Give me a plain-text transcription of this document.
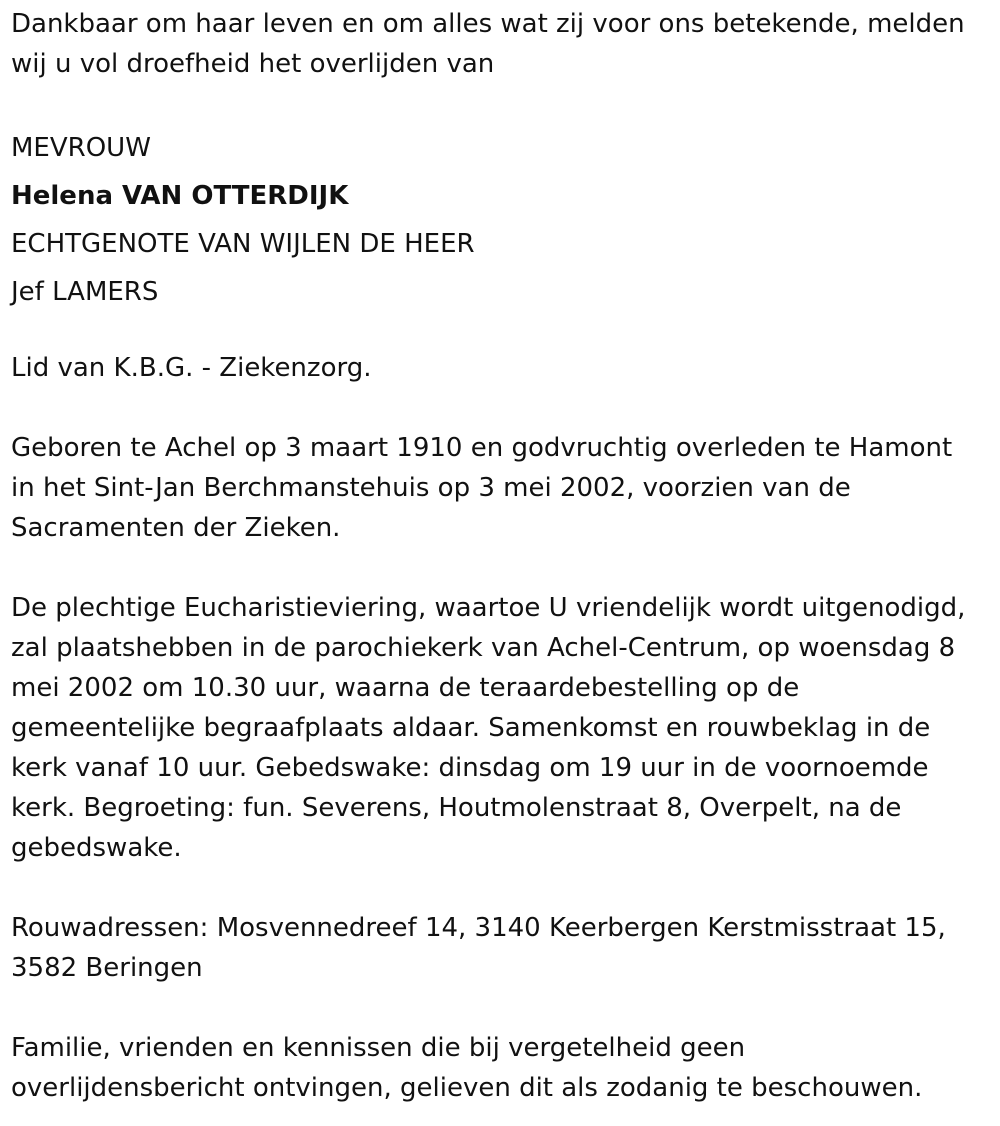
Dankbaar om haar leven en om alles wat zij voor ons betekende, melden
wij u vol droefheid het overlijden van
MEVROUW
Helena VAN OTTERDIJK
ECHTGENOTE VAN WIJLEN DE HEER
Jef LAMERS
Lid van K.B.G. - Ziekenzorg.
Geboren te Achel op 3 maart 1910 en godvruchtig overleden te Hamont
in het Sint-Jan Berchmanstehuis op 3 mei 2002, voorzien van de
Sacramenten der Zieken.
De plechtige Eucharistieviering, waartoe U vriendelijk wordt uitgenodigd,
zal plaatshebben in de parochiekerk van Achel-Centrum, op woensdag 8
mei 2002 om 10.30 uur, waarna de teraardebestelling op de
gemeentelijke begraafplaats aldaar. Samenkomst en rouwbeklag in de
kerk vanaf 10 uur. Gebedswake: dinsdag om 19 uur in de voornoemde
kerk. Begroeting: fun. Severens, Houtmolenstraat 8, Overpelt, na de
gebedswake.
Rouwadressen: Mosvennedreef 14, 3140 Keerbergen Kerstmisstraat 15,
3582 Beringen
Familie, vrienden en kennissen die bij vergetelheid geen
overlijdensbericht ontvingen, gelieven dit als zodanig te beschouwen.
